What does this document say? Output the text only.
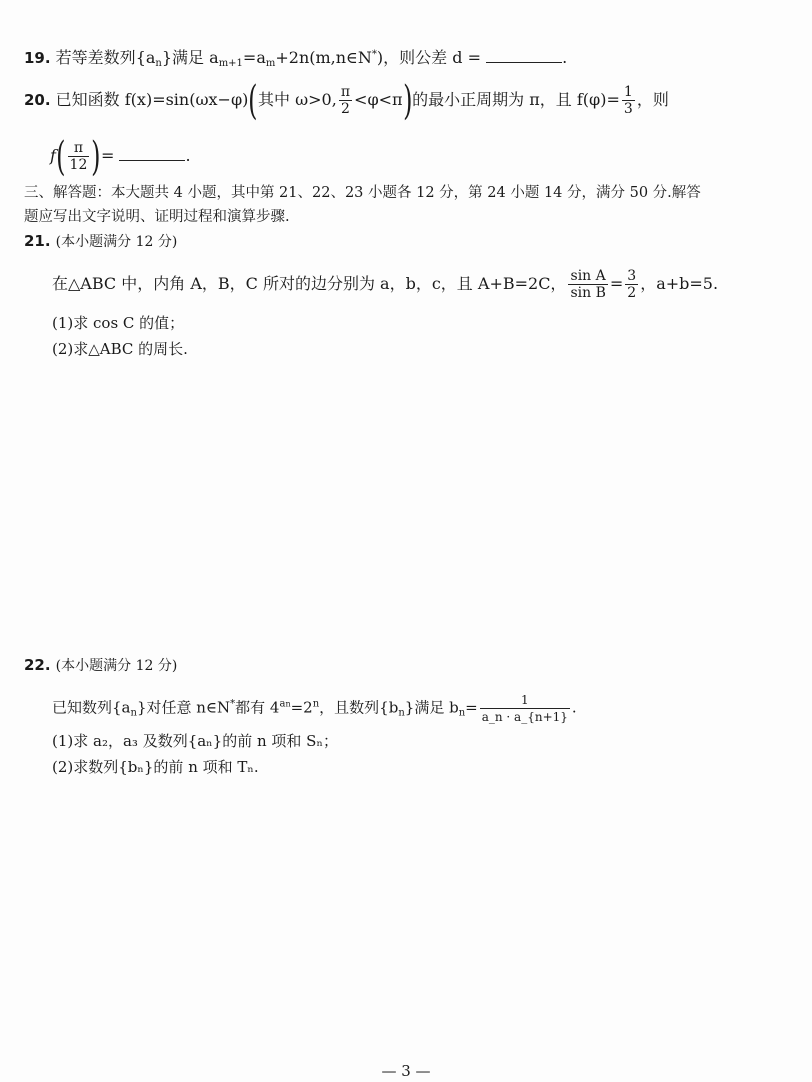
19. 若等差数列$\{a_n\}$满足 $a_{m+1}=a_m+2n(m,n\in N^*)$，则公差 d =	.
20. 已知函数 f(x)=sin(ωx−φ)(其中 ω>0, $\frac{\pi}{2} <\varphi<\pi$)的最小正周期为 π，且 $f(\varphi)= \frac{1}{3}$ ，则
$f( \frac{\pi}{12}$ )=	.
三、解答题：本大题共 4 小题，其中第 21、22、23 小题各 12 分，第 24 小题 14 分，满分 50 分.解答
题应写出文字说明、证明过程和演算步骤.
21. (本小题满分 12 分)
在△ABC 中，内角 A，B，C 所对的边分别为 a，b，c，且 A+B=2C， $\frac{\text{sin A}}{\text{sin B}} = \frac{3}{2}$ ，a+b=5.
(1)求 cos C 的值；
(2)求△ABC 的周长.
22. (本小题满分 12 分)
已知数列$\{a_n\}$对任意 n∈N*都有 $4^{an}=2^n$，且数列$\{b_n\}$满足 $b_n= \frac{1}{a\_n \cdot a\_\{n+1\}}$ .
(1)求 a₂，a₃ 及数列{aₙ}的前 n 项和 Sₙ；
(2)求数列{bₙ}的前 n 项和 Tₙ.
— 3 —
